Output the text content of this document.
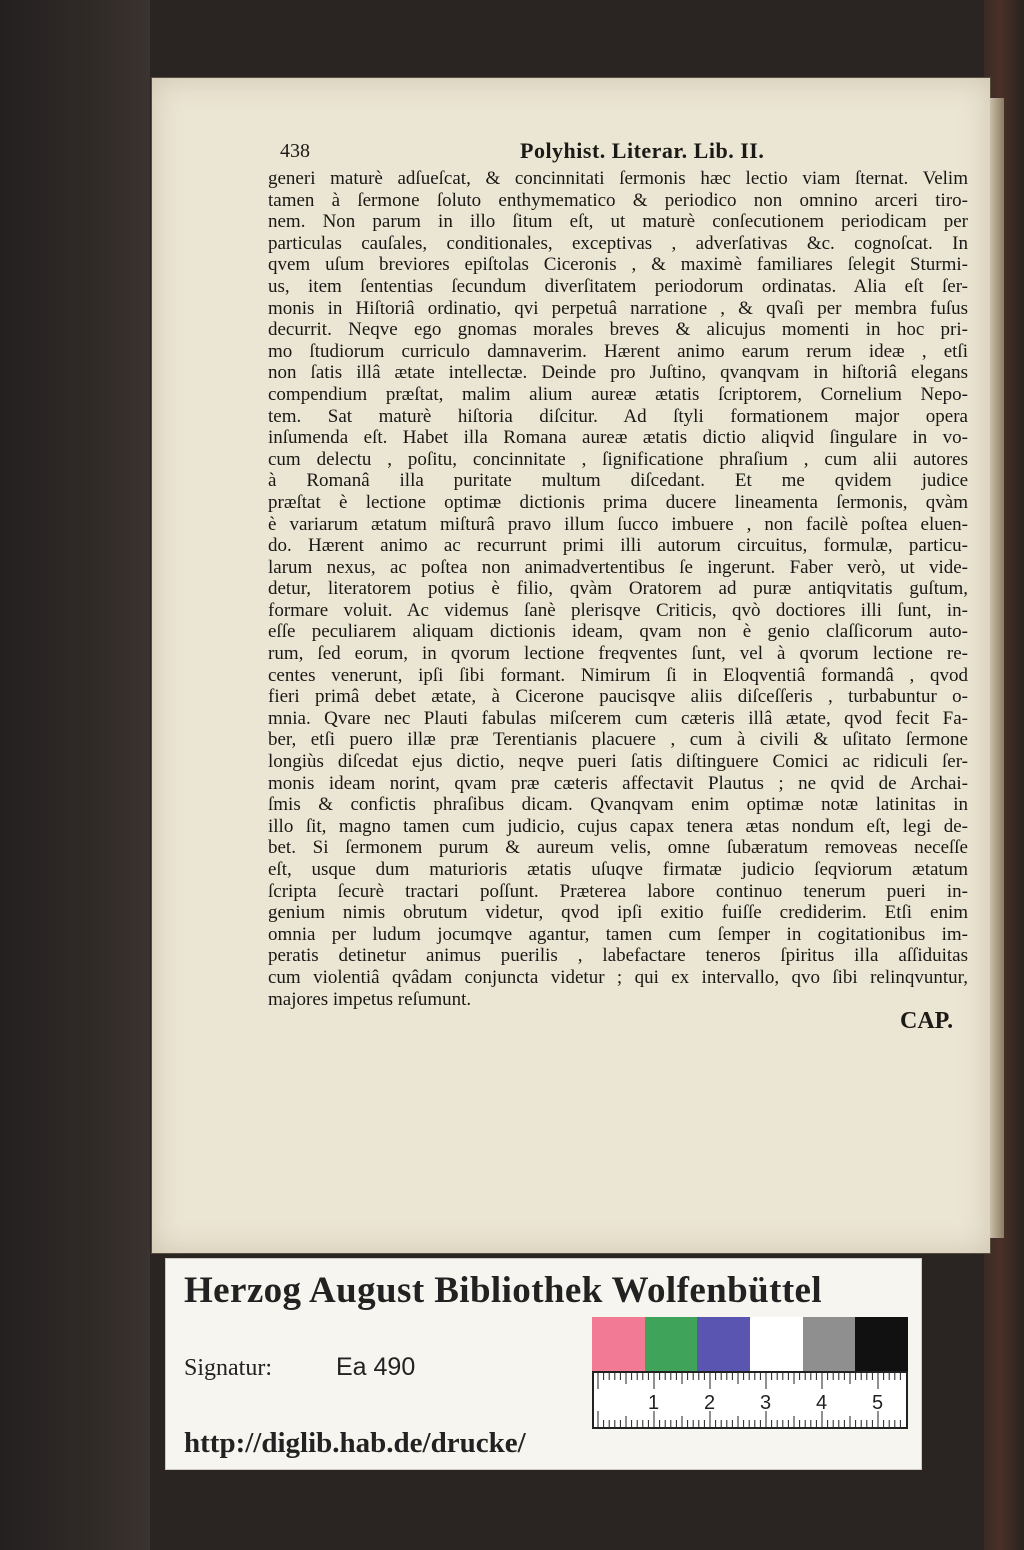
438	Polyhist. Literar. Lib. II.
generi maturè adſueſcat, & concinnitati ſermonis hæc lectio viam ſternat. Velim
tamen à ſermone ſoluto enthymematico & periodico non omnino arceri tiro-
nem. Non parum in illo ſitum eſt, ut maturè conſecutionem periodicam per
particulas cauſales, conditionales, exceptivas , adverſativas &c. cognoſcat. In
qvem uſum breviores epiſtolas Ciceronis , & maximè familiares ſelegit Sturmi-
us, item ſententias ſecundum diverſitatem periodorum ordinatas. Alia eſt ſer-
monis in Hiſtoriâ ordinatio, qvi perpetuâ narratione , & qvaſi per membra fuſus
decurrit. Neqve ego gnomas morales breves & alicujus momenti in hoc pri-
mo ſtudiorum curriculo damnaverim. Hærent animo earum rerum ideæ , etſi
non ſatis illâ ætate intellectæ. Deinde pro Juſtino, qvanqvam in hiſtoriâ elegans
compendium præſtat, malim alium aureæ ætatis ſcriptorem, Cornelium Nepo-
tem. Sat maturè hiſtoria diſcitur. Ad ſtyli formationem major opera
inſumenda eſt. Habet illa Romana aureæ ætatis dictio aliqvid ſingulare in vo-
cum delectu , poſitu, concinnitate , ſignificatione phraſium , cum alii autores
à Romanâ illa puritate multum diſcedant. Et me qvidem judice
præſtat è lectione optimæ dictionis prima ducere lineamenta ſermonis, qvàm
è variarum ætatum miſturâ pravo illum ſucco imbuere , non facilè poſtea eluen-
do. Hærent animo ac recurrunt primi illi autorum circuitus, formulæ, particu-
larum nexus, ac poſtea non animadvertentibus ſe ingerunt. Faber verò, ut vide-
detur, literatorem potius è filio, qvàm Oratorem ad puræ antiqvitatis guſtum,
formare voluit. Ac videmus ſanè plerisqve Criticis, qvò doctiores illi ſunt, in-
eſſe peculiarem aliquam dictionis ideam, qvam non è genio claſſicorum auto-
rum, ſed eorum, in qvorum lectione freqventes ſunt, vel à qvorum lectione re-
centes venerunt, ipſi ſibi formant. Nimirum ſi in Eloqventiâ formandâ , qvod
fieri primâ debet ætate, à Cicerone paucisqve aliis diſceſſeris , turbabuntur o-
mnia. Qvare nec Plauti fabulas miſcerem cum cæteris illâ ætate, qvod fecit Fa-
ber, etſi puero illæ præ Terentianis placuere , cum à civili & uſitato ſermone
longiùs diſcedat ejus dictio, neqve pueri ſatis diſtinguere Comici ac ridiculi ſer-
monis ideam norint, qvam præ cæteris affectavit Plautus ; ne qvid de Archai-
ſmis & confictis phraſibus dicam. Qvanqvam enim optimæ notæ latinitas in
illo ſit, magno tamen cum judicio, cujus capax tenera ætas nondum eſt, legi de-
bet. Si ſermonem purum & aureum velis, omne ſubæratum removeas neceſſe
eſt, usque dum maturioris ætatis uſuqve firmatæ judicio ſeqviorum ætatum
ſcripta ſecurè tractari poſſunt. Præterea labore continuo tenerum pueri in-
genium nimis obrutum videtur, qvod ipſi exitio fuiſſe crediderim. Etſi enim
omnia per ludum jocumqve agantur, tamen cum ſemper in cogitationibus im-
peratis detinetur animus puerilis , labefactare teneros ſpiritus illa aſſiduitas
cum violentiâ qvâdam conjuncta videtur ; qui ex intervallo, qvo ſibi relinqvuntur,
majores impetus reſumunt.
CAP.
Herzog August Bibliothek Wolfenbüttel
Signatur:	Ea 490
1 2 3 4 5
http://diglib.hab.de/drucke/
